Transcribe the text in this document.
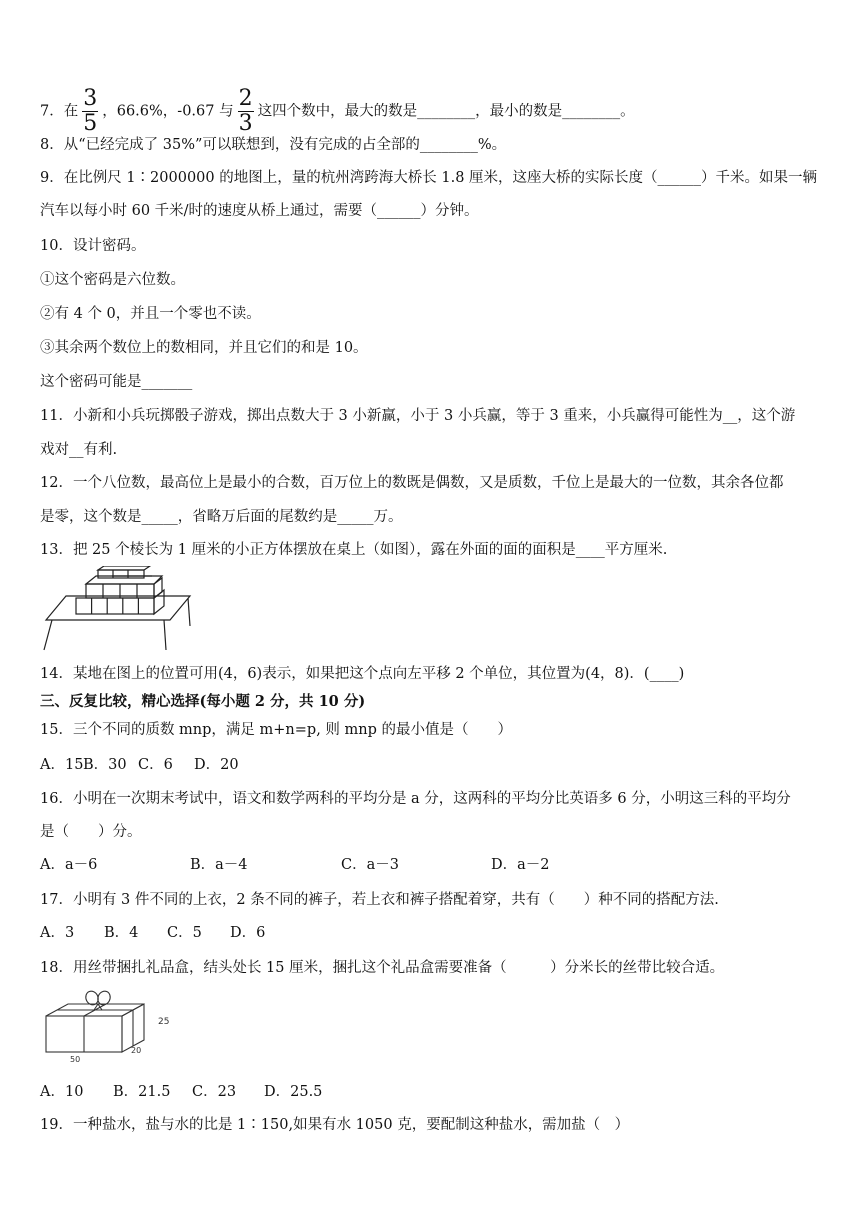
7．在 $\frac{3}{5}$ ，66.6%，-0.67 与 $\frac{2}{3}$ 这四个数中，最大的数是________，最小的数是________。
8．从“已经完成了 35%”可以联想到，没有完成的占全部的________%。
9．在比例尺 1∶2000000 的地图上，量的杭州湾跨海大桥长 1.8 厘米，这座大桥的实际长度（______）千米。如果一辆
汽车以每小时 60 千米/时的速度从桥上通过，需要（______）分钟。
10．设计密码。
①这个密码是六位数。
②有 4 个 0，并且一个零也不读。
③其余两个数位上的数相同，并且它们的和是 10。
这个密码可能是_______
11．小新和小兵玩掷骰子游戏，掷出点数大于 3 小新赢，小于 3 小兵赢，等于 3 重来，小兵赢得可能性为__，这个游
戏对__有利.
12．一个八位数，最高位上是最小的合数，百万位上的数既是偶数，又是质数，千位上是最大的一位数，其余各位都
是零，这个数是_____，省略万后面的尾数约是_____万。
13．把 25 个棱长为 1 厘米的小正方体摆放在桌上（如图），露在外面的面的面积是____平方厘米.
14．某地在图上的位置可用(4，6)表示，如果把这个点向左平移 2 个单位，其位置为(4，8)．(____)
三、反复比较，精心选择(每小题 2 分，共 10 分)
15．三个不同的质数 mnp，满足 m+n=p, 则 mnp 的最小值是（　　）
A．15B．30 C．6 D．20
16．小明在一次期末考试中，语文和数学两科的平均分是 a 分，这两科的平均分比英语多 6 分，小明这三科的平均分
是（　　）分。
A．a－6	B．a－4	C．a－3	D．a－2
17．小明有 3 件不同的上衣，2 条不同的裤子，若上衣和裤子搭配着穿，共有（　　）种不同的搭配方法.
A．3 B．4 C．5 D．6
18．用丝带捆扎礼品盒，结头处长 15 厘米，捆扎这个礼品盒需要准备（　　　）分米长的丝带比较合适。
25
50
20
A．10 B．21.5 C．23 D．25.5
19．一种盐水，盐与水的比是 1∶150,如果有水 1050 克，要配制这种盐水，需加盐（　）
